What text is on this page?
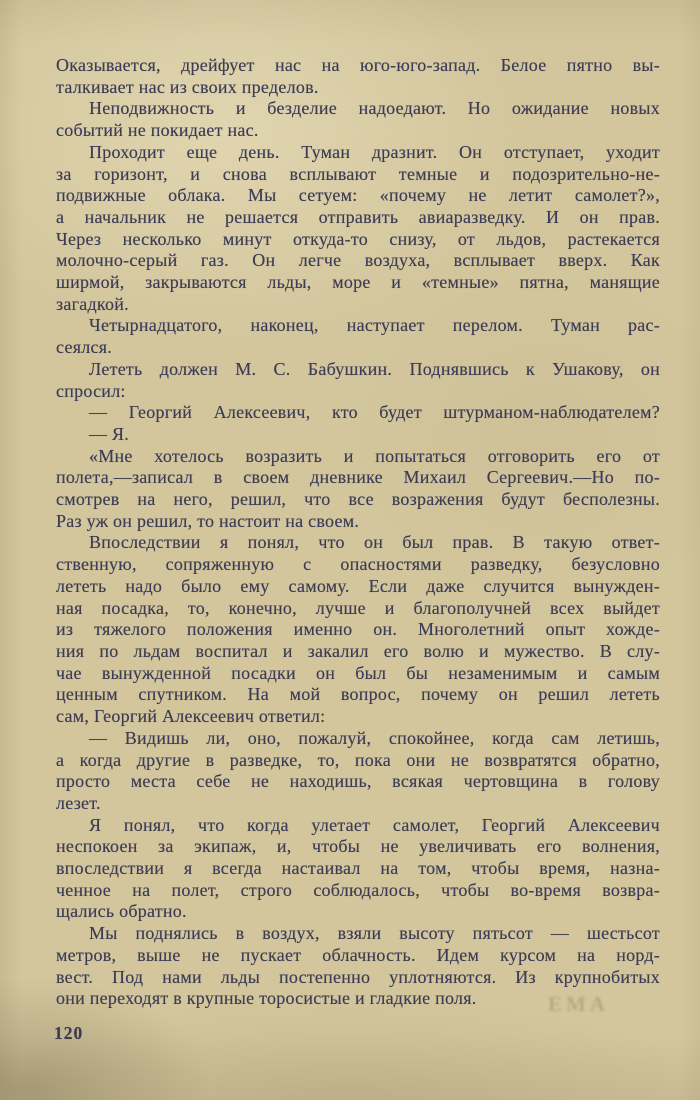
Оказывается, дрейфует нас на юго-юго-запад. Белое пятно вы-
талкивает нас из своих пределов.
Неподвижность и безделие надоедают. Но ожидание новых
событий не покидает нас.
Проходит еще день. Туман дразнит. Он отступает, уходит
за горизонт, и снова всплывают темные и подозрительно-не-
подвижные облака. Мы сетуем: «почему не летит самолет?»,
а начальник не решается отправить авиаразведку. И он прав.
Через несколько минут откуда-то снизу, от льдов, растекается
молочно-серый газ. Он легче воздуха, всплывает вверх. Как
ширмой, закрываются льды, море и «темные» пятна, манящие
загадкой.
Четырнадцатого, наконец, наступает перелом. Туман рас-
сеялся.
Лететь должен М. С. Бабушкин. Поднявшись к Ушакову, он
спросил:
— Георгий Алексеевич, кто будет штурманом-наблюдателем?
— Я.
«Мне хотелось возразить и попытаться отговорить его от
полета,—записал в своем дневнике Михаил Сергеевич.—Но по-
смотрев на него, решил, что все возражения будут бесполезны.
Раз уж он решил, то настоит на своем.
Впоследствии я понял, что он был прав. В такую ответ-
ственную, сопряженную с опасностями разведку, безусловно
лететь надо было ему самому. Если даже случится вынужден-
ная посадка, то, конечно, лучше и благополучней всех выйдет
из тяжелого положения именно он. Многолетний опыт хожде-
ния по льдам воспитал и закалил его волю и мужество. В слу-
чае вынужденной посадки он был бы незаменимым и самым
ценным спутником. На мой вопрос, почему он решил лететь
сам, Георгий Алексеевич ответил:
— Видишь ли, оно, пожалуй, спокойнее, когда сам летишь,
а когда другие в разведке, то, пока они не возвратятся обратно,
просто места себе не находишь, всякая чертовщина в голову
лезет.
Я понял, что когда улетает самолет, Георгий Алексеевич
неспокоен за экипаж, и, чтобы не увеличивать его волнения,
впоследствии я всегда настаивал на том, чтобы время, назна-
ченное на полет, строго соблюдалось, чтобы во-время возвра-
щались обратно.
Мы поднялись в воздух, взяли высоту пятьсот — шестьсот
метров, выше не пускает облачность. Идем курсом на норд-
вест. Под нами льды постепенно уплотняются. Из крупнобитых
они переходят в крупные торосистые и гладкие поля.
120
ЕМА
